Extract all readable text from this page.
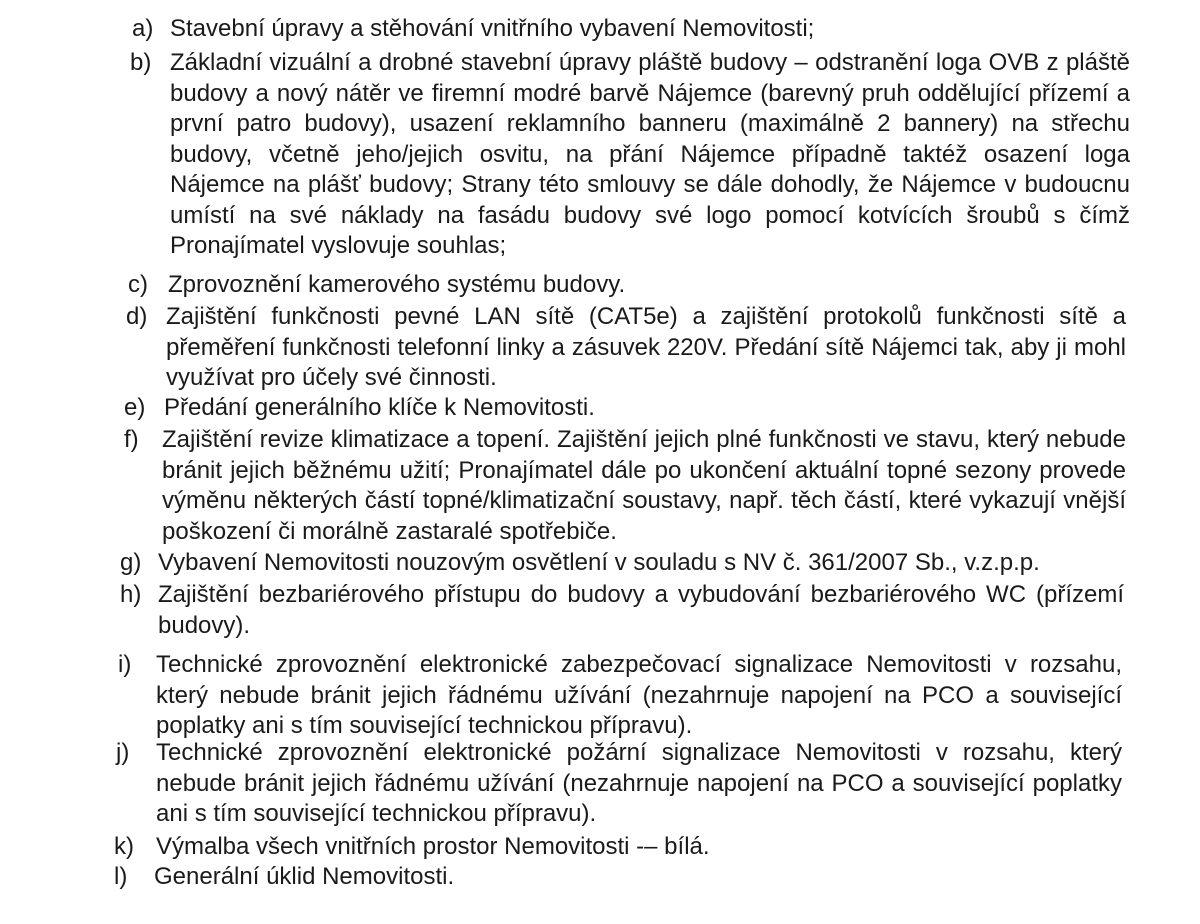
a) Stavební úpravy a stěhování vnitřního vybavení Nemovitosti;
b) Základní vizuální a drobné stavební úpravy pláště budovy – odstranění loga OVB z pláště budovy a nový nátěr ve firemní modré barvě Nájemce (barevný pruh oddělující přízemí a první patro budovy), usazení reklamního banneru (maximálně 2 bannery) na střechu budovy, včetně jeho/jejich osvitu, na přání Nájemce případně taktéž osazení loga Nájemce na plášť budovy; Strany této smlouvy se dále dohodly, že Nájemce v budoucnu umístí na své náklady na fasádu budovy své logo pomocí kotvících šroubů s čímž Pronajímatel vyslovuje souhlas;
c) Zprovoznění kamerového systému budovy.
d) Zajištění funkčnosti pevné LAN sítě (CAT5e) a zajištění protokolů funkčnosti sítě a přeměření funkčnosti telefonní linky a zásuvek 220V. Předání sítě Nájemci tak, aby ji mohl využívat pro účely své činnosti.
e) Předání generálního klíče k Nemovitosti.
f) Zajištění revize klimatizace a topení. Zajištění jejich plné funkčnosti ve stavu, který nebude bránit jejich běžnému užití; Pronajímatel dále po ukončení aktuální topné sezony provede výměnu některých částí topné/klimatizační soustavy, např. těch částí, které vykazují vnější poškození či morálně zastaralé spotřebiče.
g) Vybavení Nemovitosti nouzovým osvětlení v souladu s NV č. 361/2007 Sb., v.z.p.p.
h) Zajištění bezbariérového přístupu do budovy a vybudování bezbariérového WC (přízemí budovy).
i) Technické zprovoznění elektronické zabezpečovací signalizace Nemovitosti v rozsahu, který nebude bránit jejich řádnému užívání (nezahrnuje napojení na PCO a související poplatky ani s tím související technickou přípravu).
j) Technické zprovoznění elektronické požární signalizace Nemovitosti v rozsahu, který nebude bránit jejich řádnému užívání (nezahrnuje napojení na PCO a související poplatky ani s tím související technickou přípravu).
k) Výmalba všech vnitřních prostor Nemovitosti -– bílá.
l) Generální úklid Nemovitosti.
